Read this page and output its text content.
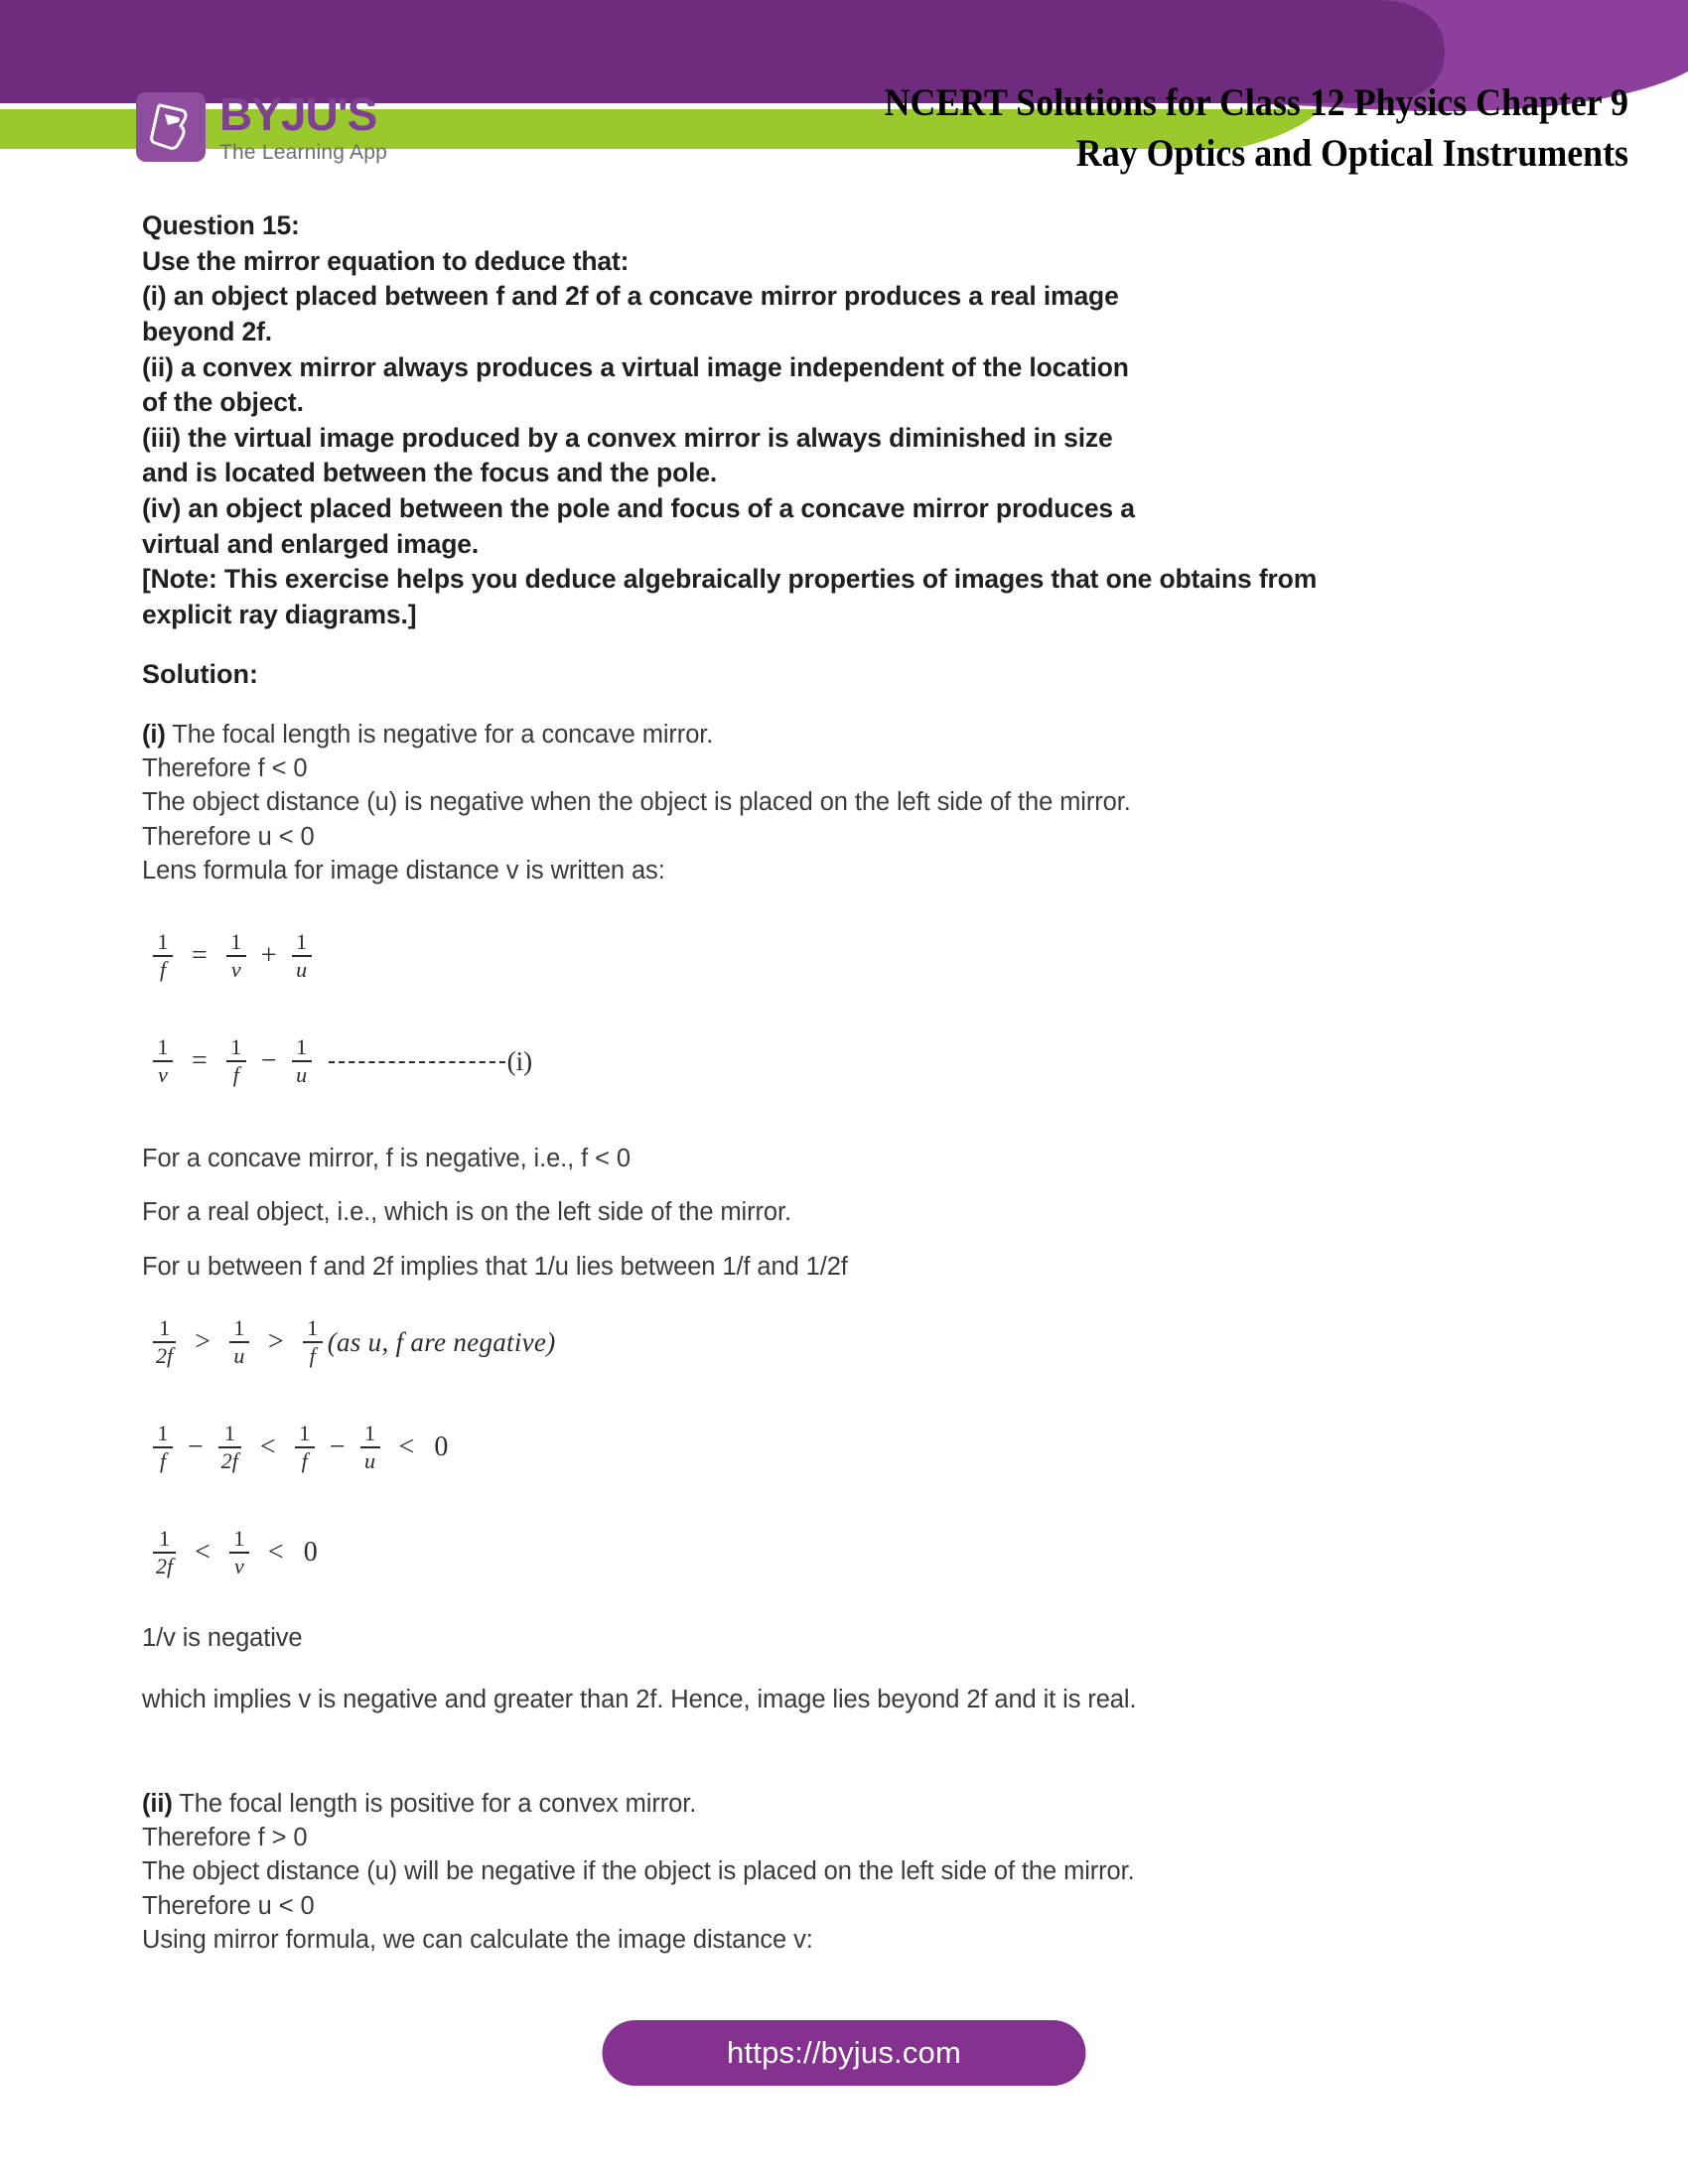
BYJU'S
The Learning App
NCERT Solutions for Class 12 Physics Chapter 9
Ray Optics and Optical Instruments
Question 15:
Use the mirror equation to deduce that:
(i) an object placed between f and 2f of a concave mirror produces a real image
beyond 2f.
(ii) a convex mirror always produces a virtual image independent of the location
of the object.
(iii) the virtual image produced by a convex mirror is always diminished in size
and is located between the focus and the pole.
(iv) an object placed between the pole and focus of a concave mirror produces a
virtual and enlarged image.
[Note: This exercise helps you deduce algebraically properties of images that one obtains from
explicit ray diagrams.]
Solution:
(i) The focal length is negative for a concave mirror.
Therefore f < 0
The object distance (u) is negative when the object is placed on the left side of the mirror.
Therefore u < 0
Lens formula for image distance v is written as:
$\frac{1}{f} = \frac{1}{v} + \frac{1}{u}$
$\frac{1}{v} = \frac{1}{f} - \frac{1}{u}$	(i)
For a concave mirror, f is negative, i.e., f < 0
For a real object, i.e., which is on the left side of the mirror.
For u between f and 2f implies that 1/u lies between 1/f and 1/2f
$\frac{1}{2f} > \frac{1}{u} > \frac{1}{f} (as$ u, f are negative)
$\frac{1}{f} - \frac{1}{2f} < \frac{1}{f} - \frac{1}{u} < 0$
$\frac{1}{2f} < \frac{1}{v} < 0$
1/v is negative
which implies v is negative and greater than 2f. Hence, image lies beyond 2f and it is real.
(ii) The focal length is positive for a convex mirror.
Therefore f > 0
The object distance (u) will be negative if the object is placed on the left side of the mirror.
Therefore u < 0
Using mirror formula, we can calculate the image distance v:
https://byjus.com
